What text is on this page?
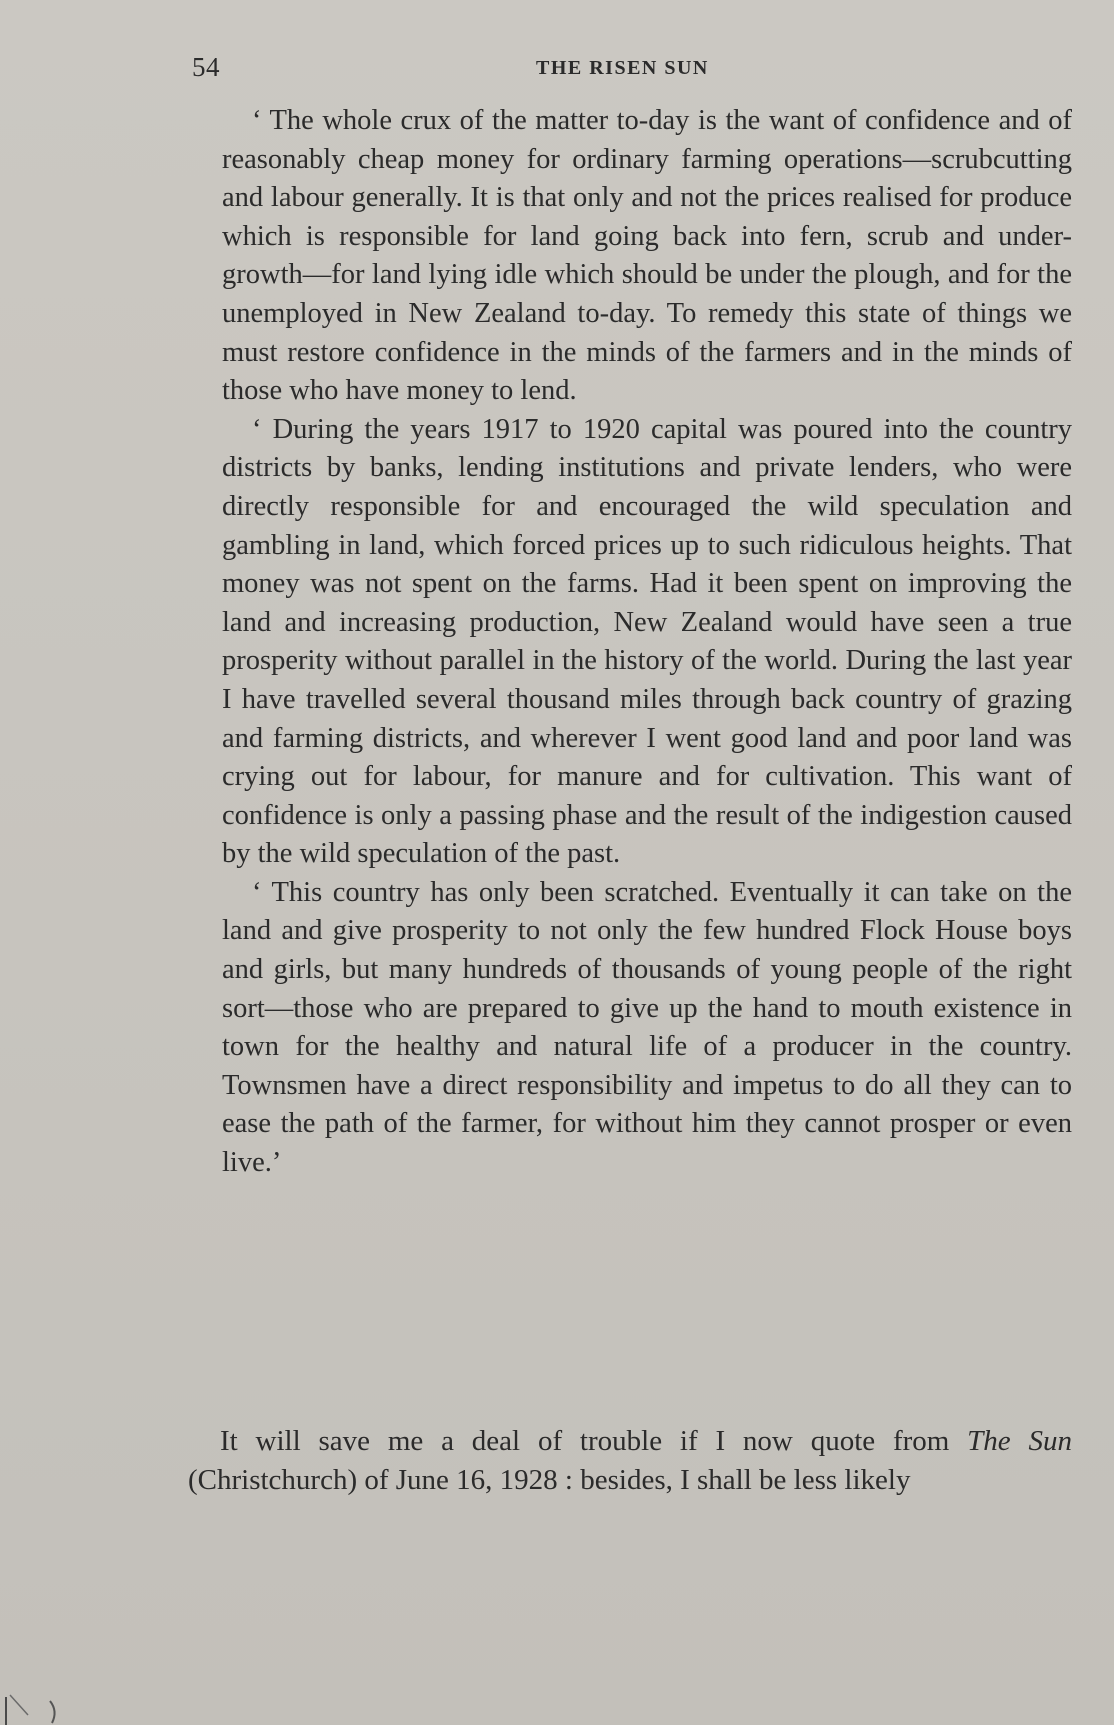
54	THE RISEN SUN

‘ The whole crux of the matter to-day is the want of confidence and of reasonably cheap money for ordinary farming operations—scrubcutting and labour generally. It is that only and not the prices realised for produce which is responsible for land going back into fern, scrub and under-growth—for land lying idle which should be under the plough, and for the unemployed in New Zealand to-day. To remedy this state of things we must restore confidence in the minds of the farmers and in the minds of those who have money to lend.

‘ During the years 1917 to 1920 capital was poured into the country districts by banks, lending institutions and private lenders, who were directly responsible for and encouraged the wild speculation and gambling in land, which forced prices up to such ridiculous heights. That money was not spent on the farms. Had it been spent on improving the land and increasing production, New Zealand would have seen a true prosperity without parallel in the history of the world. During the last year I have travelled several thousand miles through back country of grazing and farming districts, and wherever I went good land and poor land was crying out for labour, for manure and for cultivation. This want of confidence is only a passing phase and the result of the indigestion caused by the wild speculation of the past.

‘ This country has only been scratched. Eventually it can take on the land and give prosperity to not only the few hundred Flock House boys and girls, but many hundreds of thousands of young people of the right sort—those who are prepared to give up the hand to mouth existence in town for the healthy and natural life of a producer in the country. Townsmen have a direct responsibility and impetus to do all they can to ease the path of the farmer, for without him they cannot prosper or even live.’

It will save me a deal of trouble if I now quote from The Sun (Christchurch) of June 16, 1928 : besides, I shall be less likely
